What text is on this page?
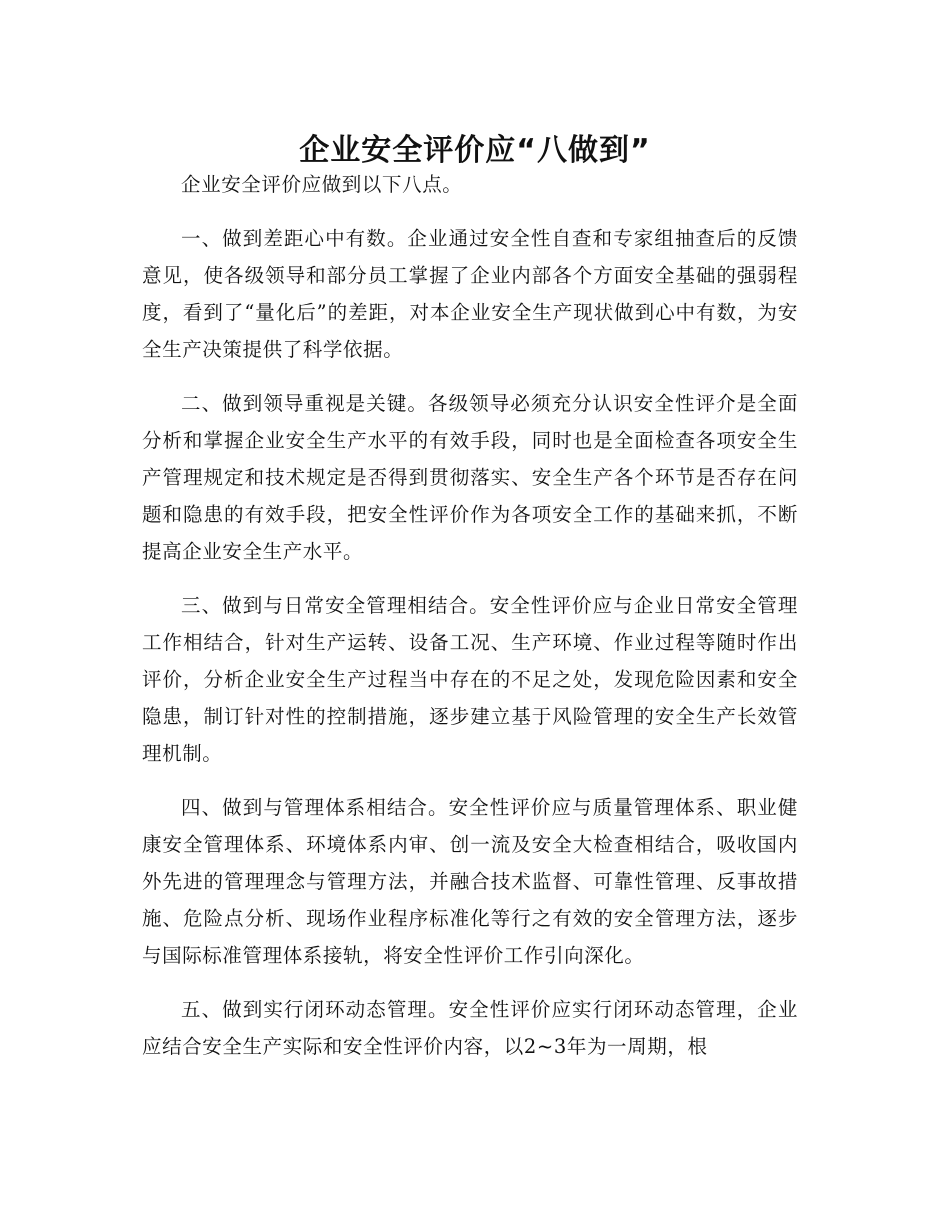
企业安全评价应“八做到”

企业安全评价应做到以下八点。

一、做到差距心中有数。企业通过安全性自查和专家组抽查后的反馈意见，使各级领导和部分员工掌握了企业内部各个方面安全基础的强弱程度，看到了“量化后”的差距，对本企业安全生产现状做到心中有数，为安全生产决策提供了科学依据。

二、做到领导重视是关键。各级领导必须充分认识安全性评介是全面分析和掌握企业安全生产水平的有效手段，同时也是全面检查各项安全生产管理规定和技术规定是否得到贯彻落实、安全生产各个环节是否存在问题和隐患的有效手段，把安全性评价作为各项安全工作的基础来抓，不断提高企业安全生产水平。

三、做到与日常安全管理相结合。安全性评价应与企业日常安全管理工作相结合，针对生产运转、设备工况、生产环境、作业过程等随时作出评价，分析企业安全生产过程当中存在的不足之处，发现危险因素和安全隐患，制订针对性的控制措施，逐步建立基于风险管理的安全生产长效管理机制。

四、做到与管理体系相结合。安全性评价应与质量管理体系、职业健康安全管理体系、环境体系内审、创一流及安全大检查相结合，吸收国内外先进的管理理念与管理方法，并融合技术监督、可靠性管理、反事故措施、危险点分析、现场作业程序标准化等行之有效的安全管理方法，逐步与国际标准管理体系接轨，将安全性评价工作引向深化。

五、做到实行闭环动态管理。安全性评价应实行闭环动态管理，企业应结合安全生产实际和安全性评价内容，以2~3年为一周期，根
